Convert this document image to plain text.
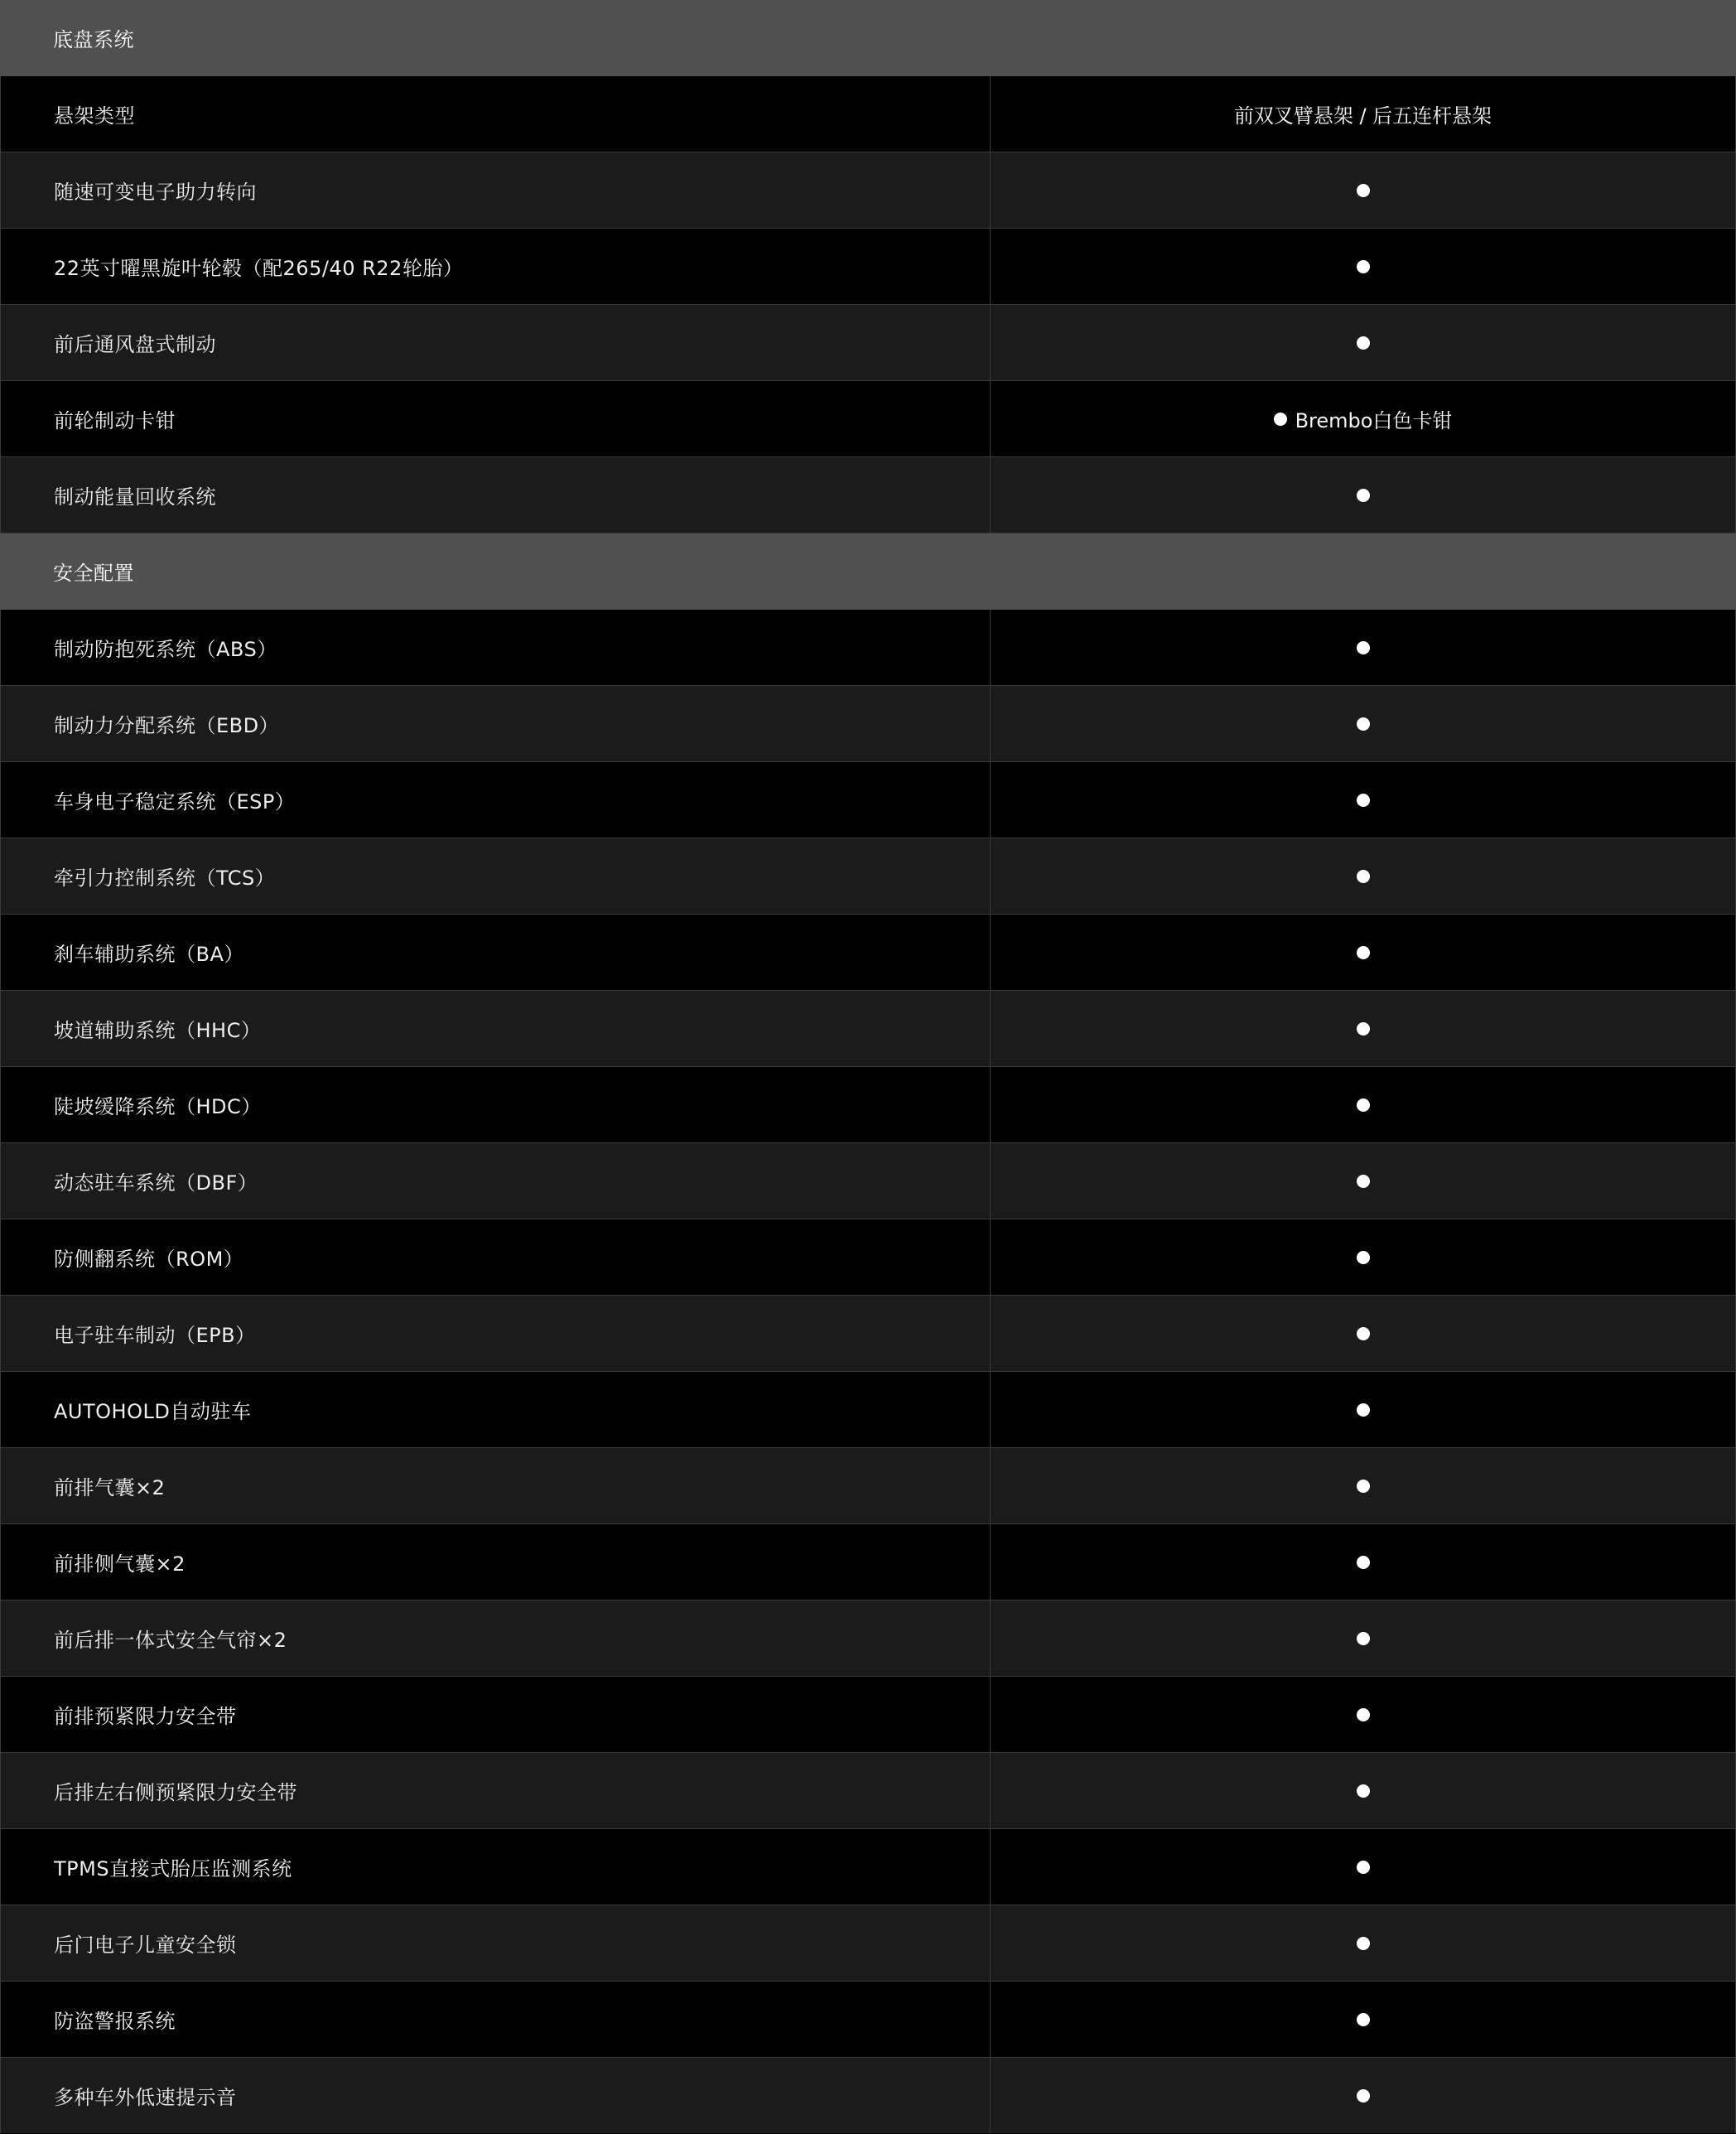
底盘系统
悬架类型	前双叉臂悬架 / 后五连杆悬架
随速可变电子助力转向
22英寸曜黑旋叶轮毂（配265/40 R22轮胎）
前后通风盘式制动
前轮制动卡钳	Brembo白色卡钳
制动能量回收系统
安全配置
制动防抱死系统（ABS）
制动力分配系统（EBD）
车身电子稳定系统（ESP）
牵引力控制系统（TCS）
刹车辅助系统（BA）
坡道辅助系统（HHC）
陡坡缓降系统（HDC）
动态驻车系统（DBF）
防侧翻系统（ROM）
电子驻车制动（EPB）
AUTOHOLD自动驻车
前排气囊×2
前排侧气囊×2
前后排一体式安全气帘×2
前排预紧限力安全带
后排左右侧预紧限力安全带
TPMS直接式胎压监测系统
后门电子儿童安全锁
防盗警报系统
多种车外低速提示音
